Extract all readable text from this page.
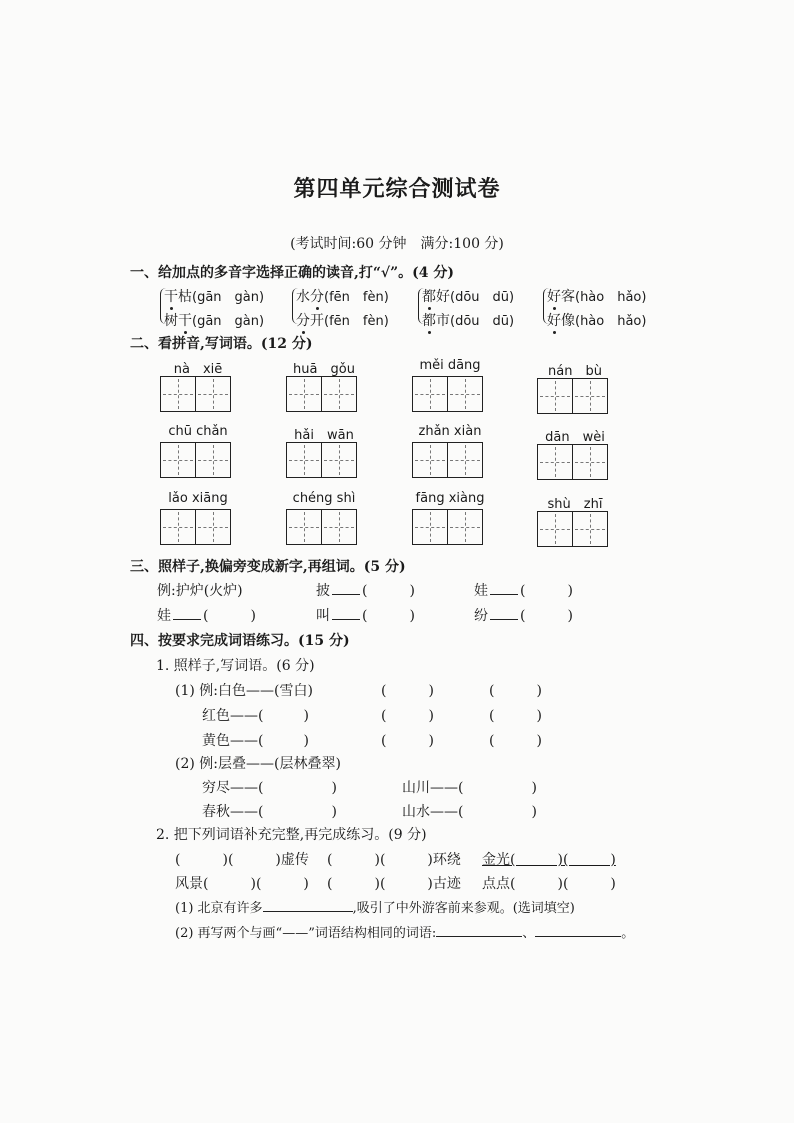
第四单元综合测试卷
(考试时间:60 分钟　满分:100 分)
一、给加点的多音字选择正确的读音,打“√”。(4 分)
干枯(gān　gàn)
树干(gān　gàn)
水分(fēn　fèn)
分开(fēn　fèn)
都好(dōu　dū)
都市(dōu　dū)
好客(hào　hǎo)
好像(hào　hǎo)
二、看拼音,写词语。(12 分)
nà　xiē	huā　gǒu	měi dāng	nán　bù
chū chǎn	hǎi　wān	zhǎn xiàn	dān　wèi
lǎo xiāng	chéng shì	fāng xiàng	shù　zhī
三、照样子,换偏旁变成新字,再组词。(5 分)
例:护炉(火炉)	披 (	)	娃 (	)
娃 (	)	叫 (	)	纷 (	)
四、按要求完成词语练习。(15 分)
1. 照样子,写词语。(6 分)
(1) 例:白色——(雪白)	(　　　)	(　　　)
红色——(	)	(　　　)	(　　　)
黄色——(	)	(　　　)	(　　　)
(2) 例:层叠——(层林叠翠)
穷尽——(	)	山川——(	)
春秋——(	)	山水——(	)
2. 把下列词语补充完整,再完成练习。(9 分)
(　　　)(　　　)虚传 (　　　)(　　　)环绕 金光(　　　)(　　　)
风景(　　　)(　　　) (　　　)(　　　)古迹 点点(　　　)(　　　)
(1) 北京有许多	,吸引了中外游客前来参观。(选词填空)
(2) 再写两个与画“——”词语结构相同的词语:	、	。
